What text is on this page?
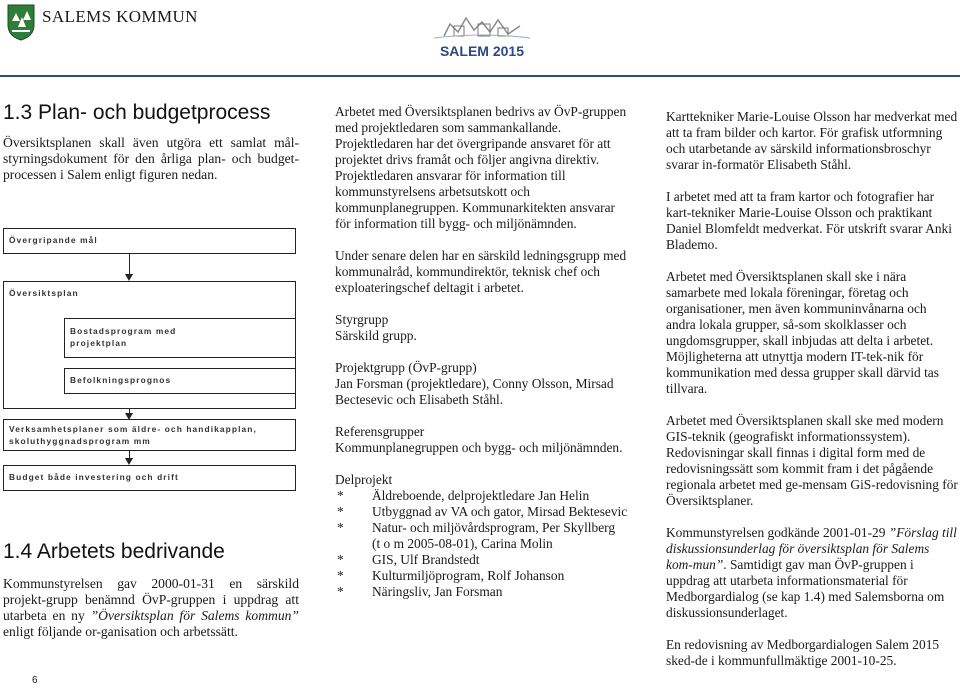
SALEMS KOMMUN
SALEM 2015
1.3 Plan- och budgetprocess

Översiktsplanen skall även utgöra ett samlat mål-styrningsdokument för den årliga plan- och budget-processen i Salem enligt figuren nedan.

Övergripande mål
Översiktsplan
Bostadsprogram med
projektplan
Befolkningsprognos
Verksamhetsplaner som äldre- och handikapplan,
skoluthyggnadsprogram mm
Budget både investering och drift
1.4 Arbetets bedrivande

Kommunstyrelsen gav 2000-01-31 en särskild projekt-grupp benämnd ÖvP-gruppen i uppdrag att utarbeta en ny ”Översiktsplan för Salems kommun” enligt följande or-ganisation och arbetssätt.

Arbetet med Översiktsplanen bedrivs av ÖvP-gruppen med projektledaren som sammankallande. Projektledaren har det övergripande ansvaret för att projektet drivs framåt och följer angivna direktiv. Projektledaren ansvarar för information till kommunstyrelsens arbetsutskott och kommunplanegruppen. Kommunarkitekten ansvarar för information till bygg- och miljönämnden.

Under senare delen har en särskild ledningsgrupp med kommunalråd, kommundirektör, teknisk chef och exploateringschef deltagit i arbetet.

Styrgrupp
Särskild grupp.

Projektgrupp (ÖvP-grupp)
Jan Forsman (projektledare), Conny Olsson, Mirsad Bectesevic och Elisabeth Ståhl.

Referensgrupper
Kommunplanegruppen och bygg- och miljönämnden.

Delprojekt
* Äldreboende, delprojektledare Jan Helin
* Utbyggnad av VA och gator, Mirsad Bektesevic
* Natur- och miljövårdsprogram, Per Skyllberg
(t o m 2005-08-01), Carina Molin
* GIS, Ulf Brandstedt
* Kulturmiljöprogram, Rolf Johanson
* Näringsliv, Jan Forsman

Karttekniker Marie-Louise Olsson har medverkat med att ta fram bilder och kartor. För grafisk utformning och utarbetande av särskild informationsbroschyr svarar in-formatör Elisabeth Ståhl.

I arbetet med att ta fram kartor och fotografier har kart-tekniker Marie-Louise Olsson och praktikant Daniel Blomfeldt medverkat. För utskrift svarar Anki Blademo.

Arbetet med Översiktsplanen skall ske i nära samarbete med lokala föreningar, företag och organisationer, men även kommuninvånarna och andra lokala grupper, så-som skolklasser och ungdomsgrupper, skall inbjudas att delta i arbetet. Möjligheterna att utnyttja modern IT-tek-nik för kommunikation med dessa grupper skall därvid tas tillvara.

Arbetet med Översiktsplanen skall ske med modern GIS-teknik (geografiskt informationssystem). Redovisningar skall finnas i digital form med de redovisningssätt som kommit fram i det pågående regionala arbetet med ge-mensam GiS-redovisning för Översiktsplaner.

Kommunstyrelsen godkände 2001-01-29 ”Förslag till diskussionsunderlag för översiktsplan för Salems kom-mun”. Samtidigt gav man ÖvP-gruppen i uppdrag att utarbeta informationsmaterial för Medborgardialog (se kap 1.4) med Salemsborna om diskussionsunderlaget.

En redovisning av Medborgardialogen Salem 2015 sked-de i kommunfullmäktige 2001-10-25.

6
